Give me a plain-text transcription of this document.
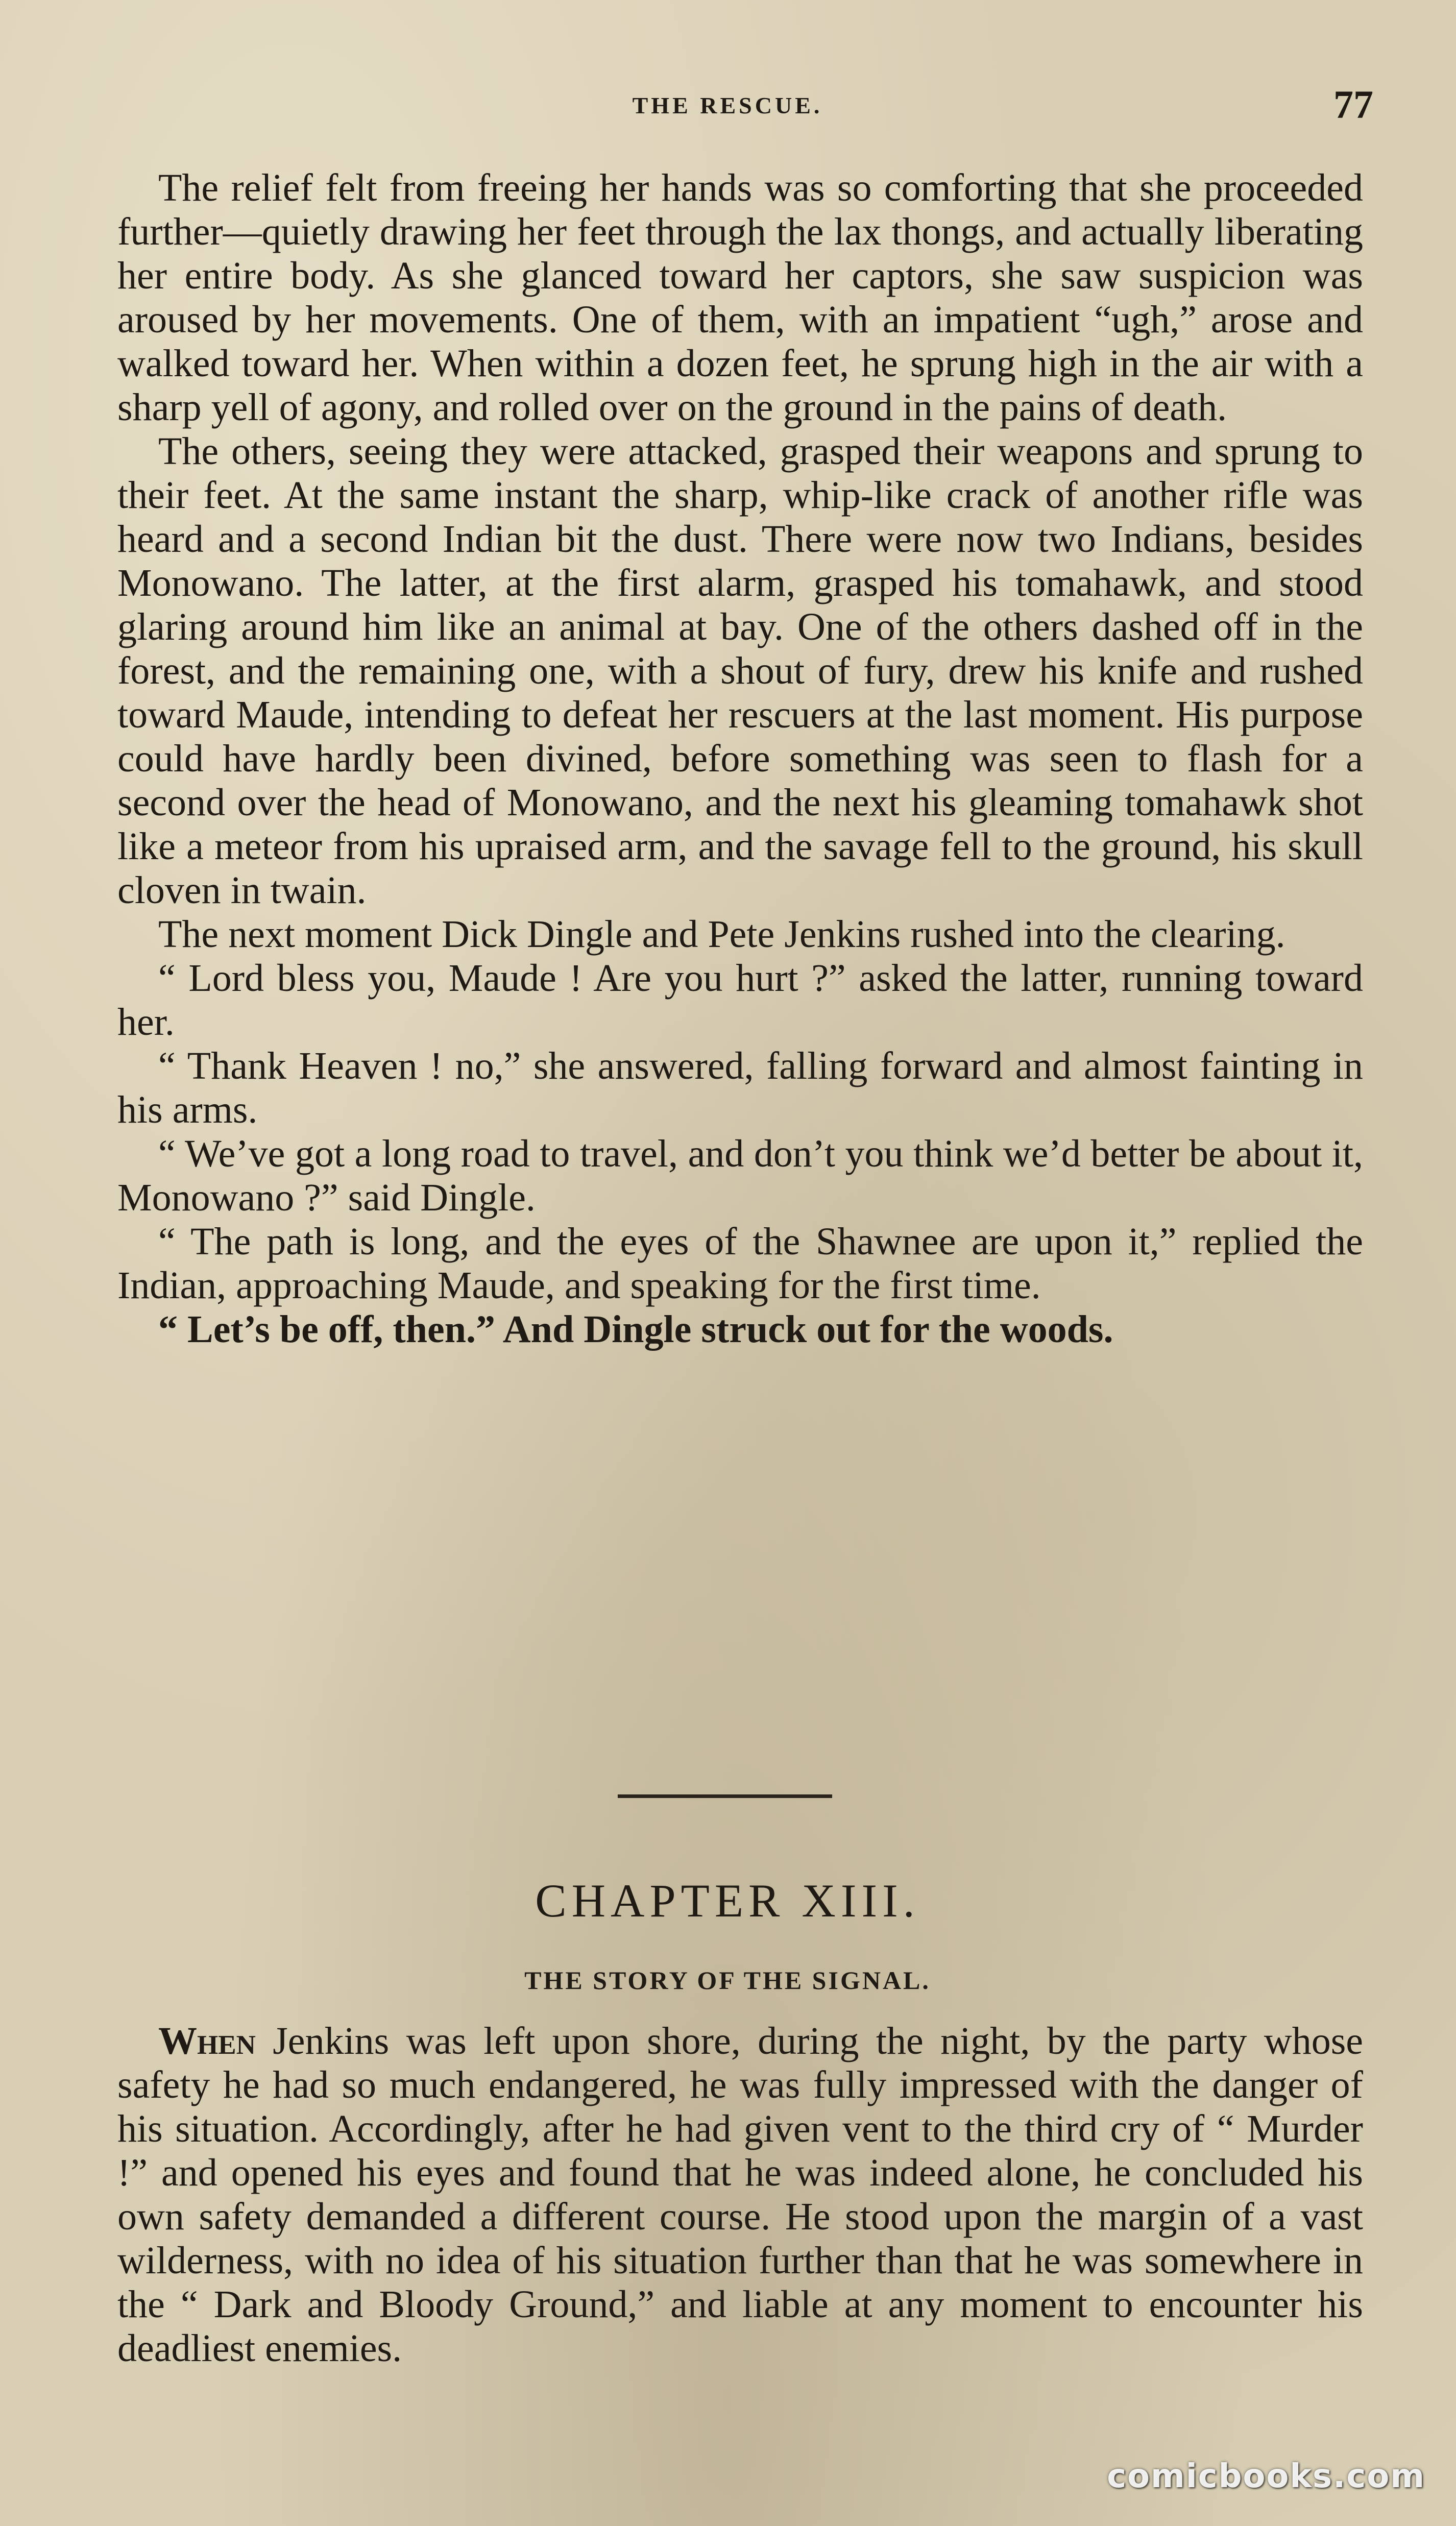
THE RESCUE.	77

The relief felt from freeing her hands was so comforting that she proceeded further—quietly drawing her feet through the lax thongs, and actually liberating her entire body. As she glanced toward her captors, she saw suspicion was aroused by her movements. One of them, with an impatient “ugh,” arose and walked toward her. When within a dozen feet, he sprung high in the air with a sharp yell of agony, and rolled over on the ground in the pains of death.

The others, seeing they were attacked, grasped their weapons and sprung to their feet. At the same instant the sharp, whip-like crack of another rifle was heard and a second Indian bit the dust. There were now two Indians, besides Monowano. The latter, at the first alarm, grasped his tomahawk, and stood glaring around him like an animal at bay. One of the others dashed off in the forest, and the remaining one, with a shout of fury, drew his knife and rushed toward Maude, intending to defeat her rescuers at the last moment. His purpose could have hardly been divined, before something was seen to flash for a second over the head of Monowano, and the next his gleaming tomahawk shot like a meteor from his upraised arm, and the savage fell to the ground, his skull cloven in twain.

The next moment Dick Dingle and Pete Jenkins rushed into the clearing.

“ Lord bless you, Maude ! Are you hurt ?” asked the latter, running toward her.

“ Thank Heaven ! no,” she answered, falling forward and almost fainting in his arms.

“ We’ve got a long road to travel, and don’t you think we’d better be about it, Monowano ?” said Dingle.

“ The path is long, and the eyes of the Shawnee are upon it,” replied the Indian, approaching Maude, and speaking for the first time.

“ Let’s be off, then.” And Dingle struck out for the woods.

CHAPTER XIII.
THE STORY OF THE SIGNAL.

When Jenkins was left upon shore, during the night, by the party whose safety he had so much endangered, he was fully impressed with the danger of his situation. Accordingly, after he had given vent to the third cry of “ Murder !” and opened his eyes and found that he was indeed alone, he concluded his own safety demanded a different course. He stood upon the margin of a vast wilderness, with no idea of his situation further than that he was somewhere in the “ Dark and Bloody Ground,” and liable at any moment to encounter his deadliest enemies.

comicbooks.com
